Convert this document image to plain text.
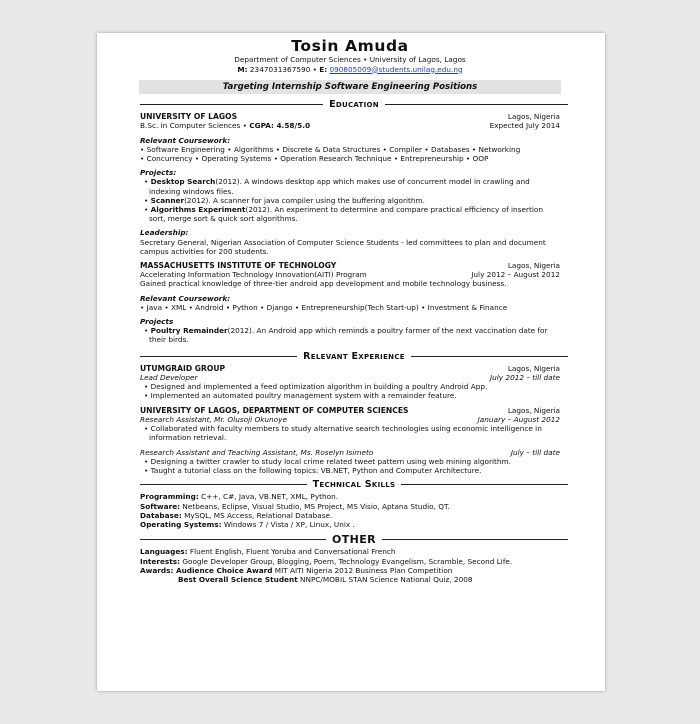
Tosin Amuda
Department of Computer Sciences • University of Lagos, Lagos
M: 234703136759​0 • E: 090805009@students.unilag.edu.ng
Targeting Internship Software Engineering Positions
Education
UNIVERSITY OF LAGOS	Lagos, Nigeria
B.Sc. in Computer Sciences • CGPA: 4.58/5.0	Expected July 2014
Relevant Coursework:
• Software Engineering • Algorithms • Discrete & Data Structures • Compiler • Databases • Networking
• Concurrency • Operating Systems • Operation Research Technique • Entrepreneurship • OOP
Projects:
• Desktop Search(2012). A windows desktop app which makes use of concurrent model in crawling and indexing windows files.
• Scanner(2012). A scanner for java compiler using the buffering algorithm.
• Algorithms Experiment(2012). An experiment to determine and compare practical efficiency of insertion sort, merge sort & quick sort algorithms.
Leadership:
Secretary General, Nigerian Association of Computer Science Students - led committees to plan and document campus activities for 200 students.
MASSACHUSETTS INSTITUTE OF TECHNOLOGY	Lagos, Nigeria
Accelerating Information Technology Innovation(AITI) Program	July 2012 – August 2012
Gained practical knowledge of three-tier android app development and mobile technology business.
Relevant Coursework:
• Java • XML • Android • Python • Django • Entrepreneurship(Tech Start-up) • Investment & Finance
Projects
• Poultry Remainder(2012). An Android app which reminds a poultry farmer of the next vaccination date for their birds.
Relevant Experience
UTUMGRAID GROUP	Lagos, Nigeria
Lead Developer	July 2012 – till date
• Designed and implemented a feed optimization algorithm in building a poultry Android App.
• Implemented an automated poultry management system with a remainder feature.
UNIVERSITY OF LAGOS, DEPARTMENT OF COMPUTER SCIENCES	Lagos, Nigeria
Research Assistant, Mr. Olusoji Okunoye	January – August 2012
• Collaborated with faculty members to study alternative search technologies using economic intelligence in information retrieval.
Research Assistant and Teaching Assistant, Ms. Roselyn Isimeto	July – till date
• Designing a twitter crawler to study local crime related tweet pattern using web mining algorithm.
• Taught a tutorial class on the following topics: VB.NET, Python and Computer Architecture.
Technical Skills
Programming: C++, C#, Java, VB.NET, XML, Python.
Software: Netbeans, Eclipse, Visual Studio, MS Project, MS Visio, Aptana Studio, QT.
Database: MySQL, MS Access, Relational Database.
Operating Systems: Windows 7 / Vista / XP, Linux, Unix .
OTHER
Languages: Fluent English, Fluent Yoruba and Conversational French
Interests: Google Developer Group, Blogging, Poem, Technology Evangelism, Scramble, Second Life.
Awards: Audience Choice Award MIT AITI Nigeria 2012 Business Plan Competition
Best Overall Science Student NNPC/MOBIL STAN Science National Quiz, 2008
